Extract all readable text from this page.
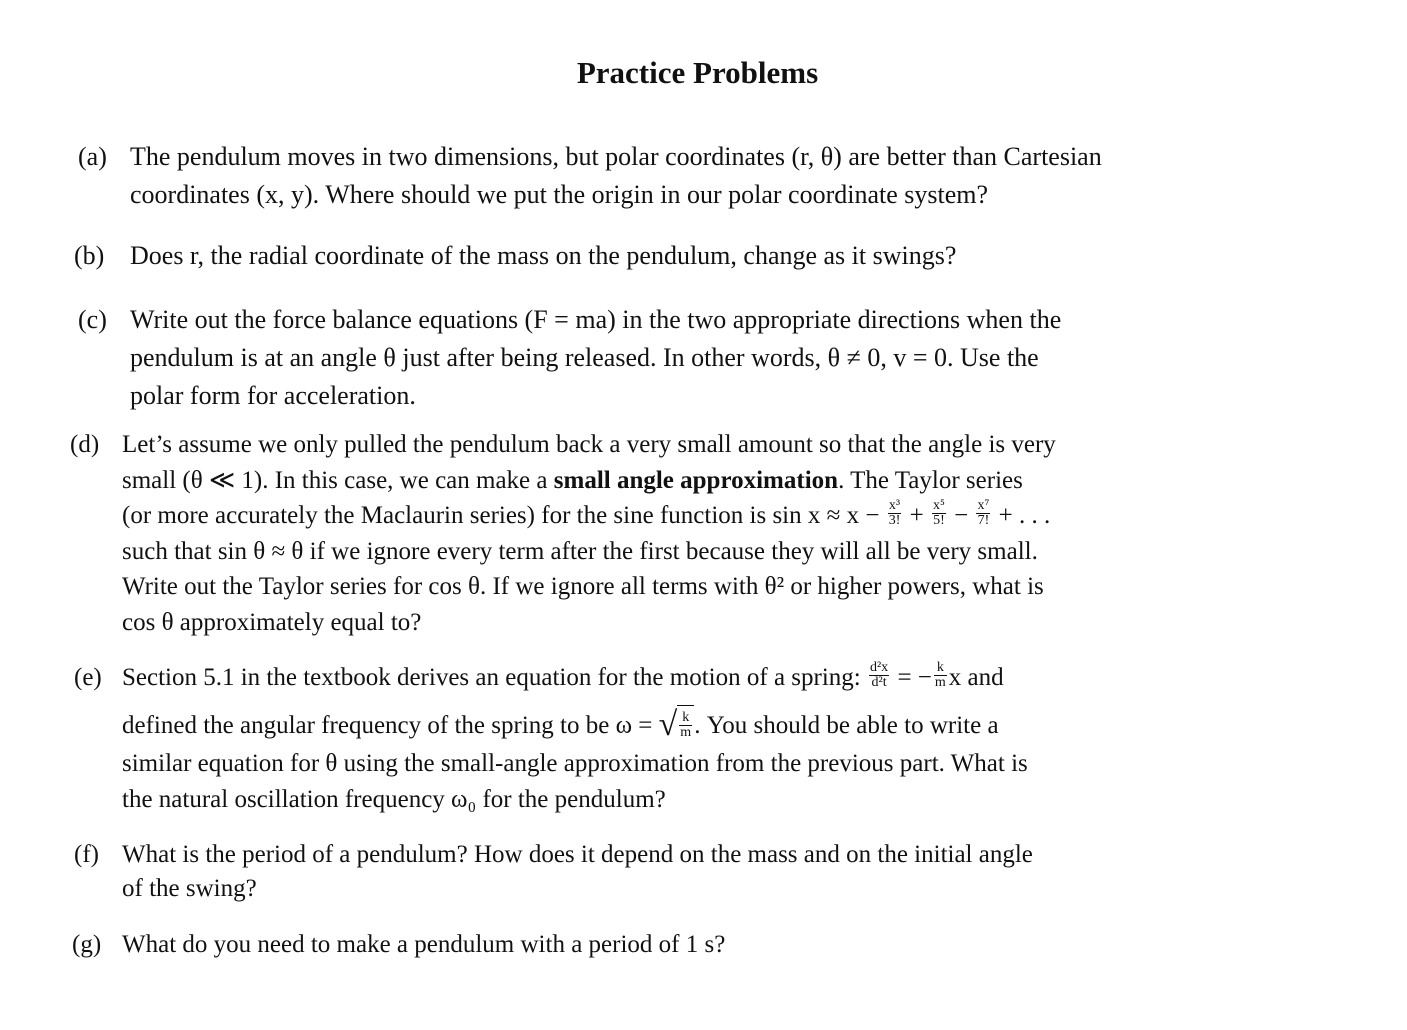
Practice Problems
(a) The pendulum moves in two dimensions, but polar coordinates (r, θ) are better than Cartesian
coordinates (x, y). Where should we put the origin in our polar coordinate system?
(b) Does r, the radial coordinate of the mass on the pendulum, change as it swings?
(c) Write out the force balance equations (F = ma) in the two appropriate directions when the
pendulum is at an angle θ just after being released. In other words, θ ≠ 0, v = 0. Use the
polar form for acceleration.
(d) Let’s assume we only pulled the pendulum back a very small amount so that the angle is very
small (θ ≪ 1). In this case, we can make a small angle approximation. The Taylor series
(or more accurately the Maclaurin series) for the sine function is $\sin x \approx x - \frac{\text{x³}}{3!} + \frac{\text{x⁵}}{5!} - \frac{\text{x⁷}}{7!}$ + . . .
such that sin θ ≈ θ if we ignore every term after the first because they will all be very small.
Write out the Taylor series for cos θ. If we ignore all terms with θ² or higher powers, what is
cos θ approximately equal to?
(e) Section 5.1 in the textbook derives an equation for the motion of a spring: $\frac{\text{d²x}}{\text{d²t}}$ = − $\frac{k}{m}$ x and
defined the angular frequency of the spring to be ω = √ $\frac{k}{m}$ . You should be able to write a
similar equation for θ using the small-angle approximation from the previous part. What is
the natural oscillation frequency ω₀ for the pendulum?
(f) What is the period of a pendulum? How does it depend on the mass and on the initial angle
of the swing?
(g) What do you need to make a pendulum with a period of 1 s?
